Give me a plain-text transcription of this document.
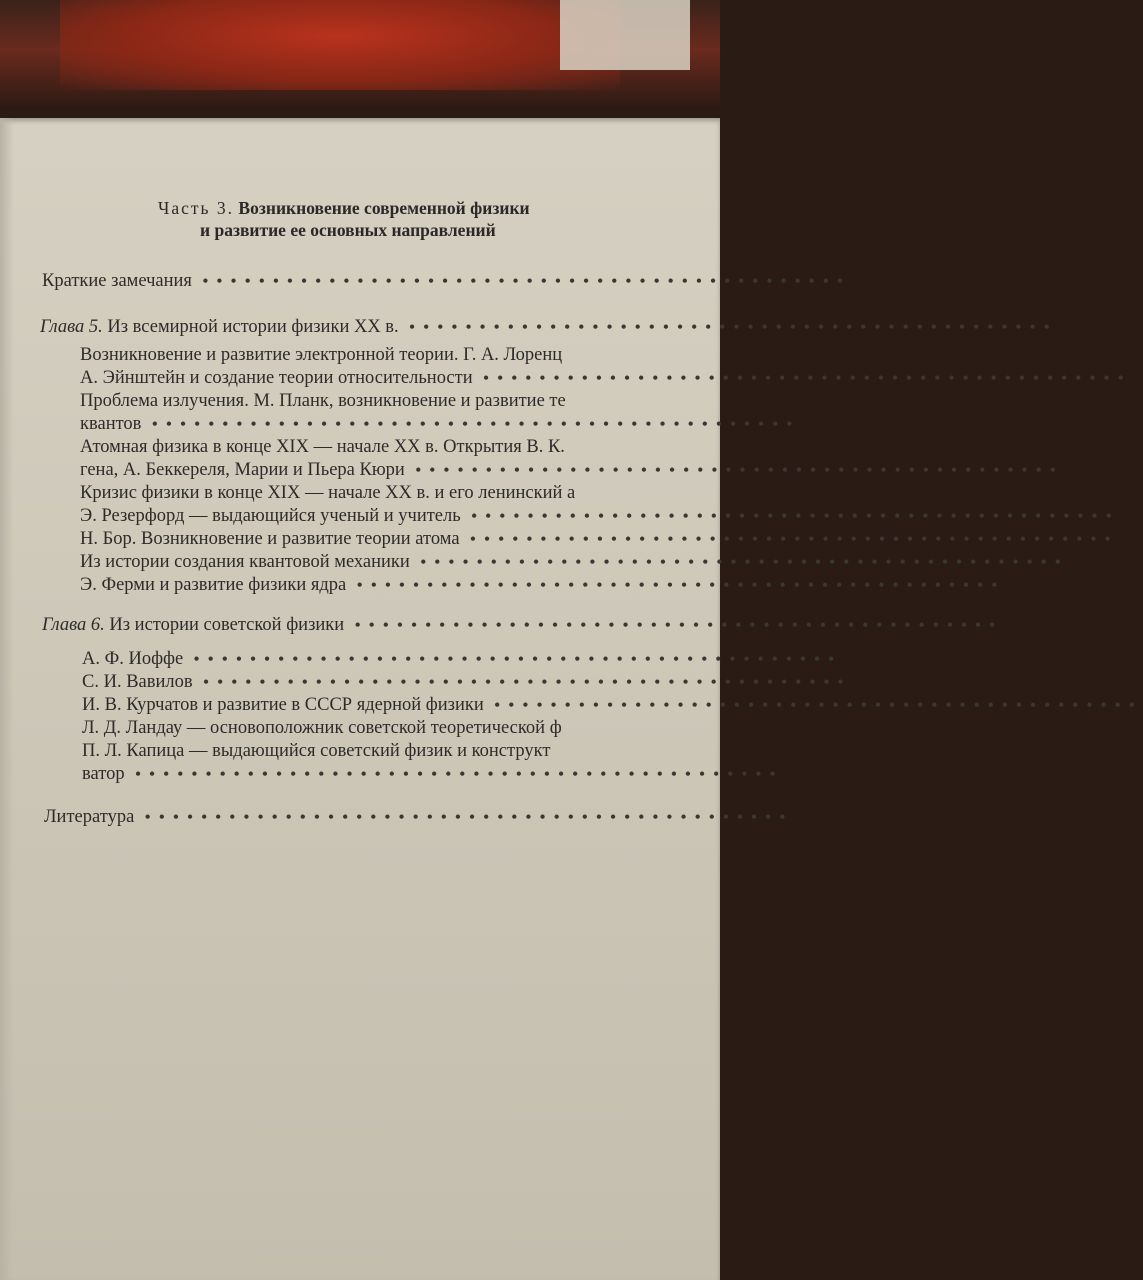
Часть 3. Возникновение современной физики
и развитие ее основных направлений
Краткие замечания ••••••••••••••••••••••••••••••••••••••••••••••
Глава 5. Из всемирной истории физики XX в. ••••••••••••••••••••••••••••••••••••••••••••••
Возникновение и развитие электронной теории. Г. А. Лоренц
А. Эйнштейн и создание теории относительности ••••••••••••••••••••••••••••••••••••••••••••••
Проблема излучения. М. Планк, возникновение и развитие те
квантов ••••••••••••••••••••••••••••••••••••••••••••••
Атомная физика в конце XIX — начале XX в. Открытия В. К.
гена, А. Беккереля, Марии и Пьера Кюри ••••••••••••••••••••••••••••••••••••••••••••••
Кризис физики в конце XIX — начале XX в. и его ленинский а
Э. Резерфорд — выдающийся ученый и учитель ••••••••••••••••••••••••••••••••••••••••••••••
Н. Бор. Возникновение и развитие теории атома ••••••••••••••••••••••••••••••••••••••••••••••
Из истории создания квантовой механики ••••••••••••••••••••••••••••••••••••••••••••••
Э. Ферми и развитие физики ядра ••••••••••••••••••••••••••••••••••••••••••••••
Глава 6. Из истории советской физики ••••••••••••••••••••••••••••••••••••••••••••••
А. Ф. Иоффе ••••••••••••••••••••••••••••••••••••••••••••••
С. И. Вавилов ••••••••••••••••••••••••••••••••••••••••••••••
И. В. Курчатов и развитие в СССР ядерной физики ••••••••••••••••••••••••••••••••••••••••••••••
Л. Д. Ландау — основоположник советской теоретической ф
П. Л. Капица — выдающийся советский физик и конструкт
ватор ••••••••••••••••••••••••••••••••••••••••••••••
Литература ••••••••••••••••••••••••••••••••••••••••••••••
